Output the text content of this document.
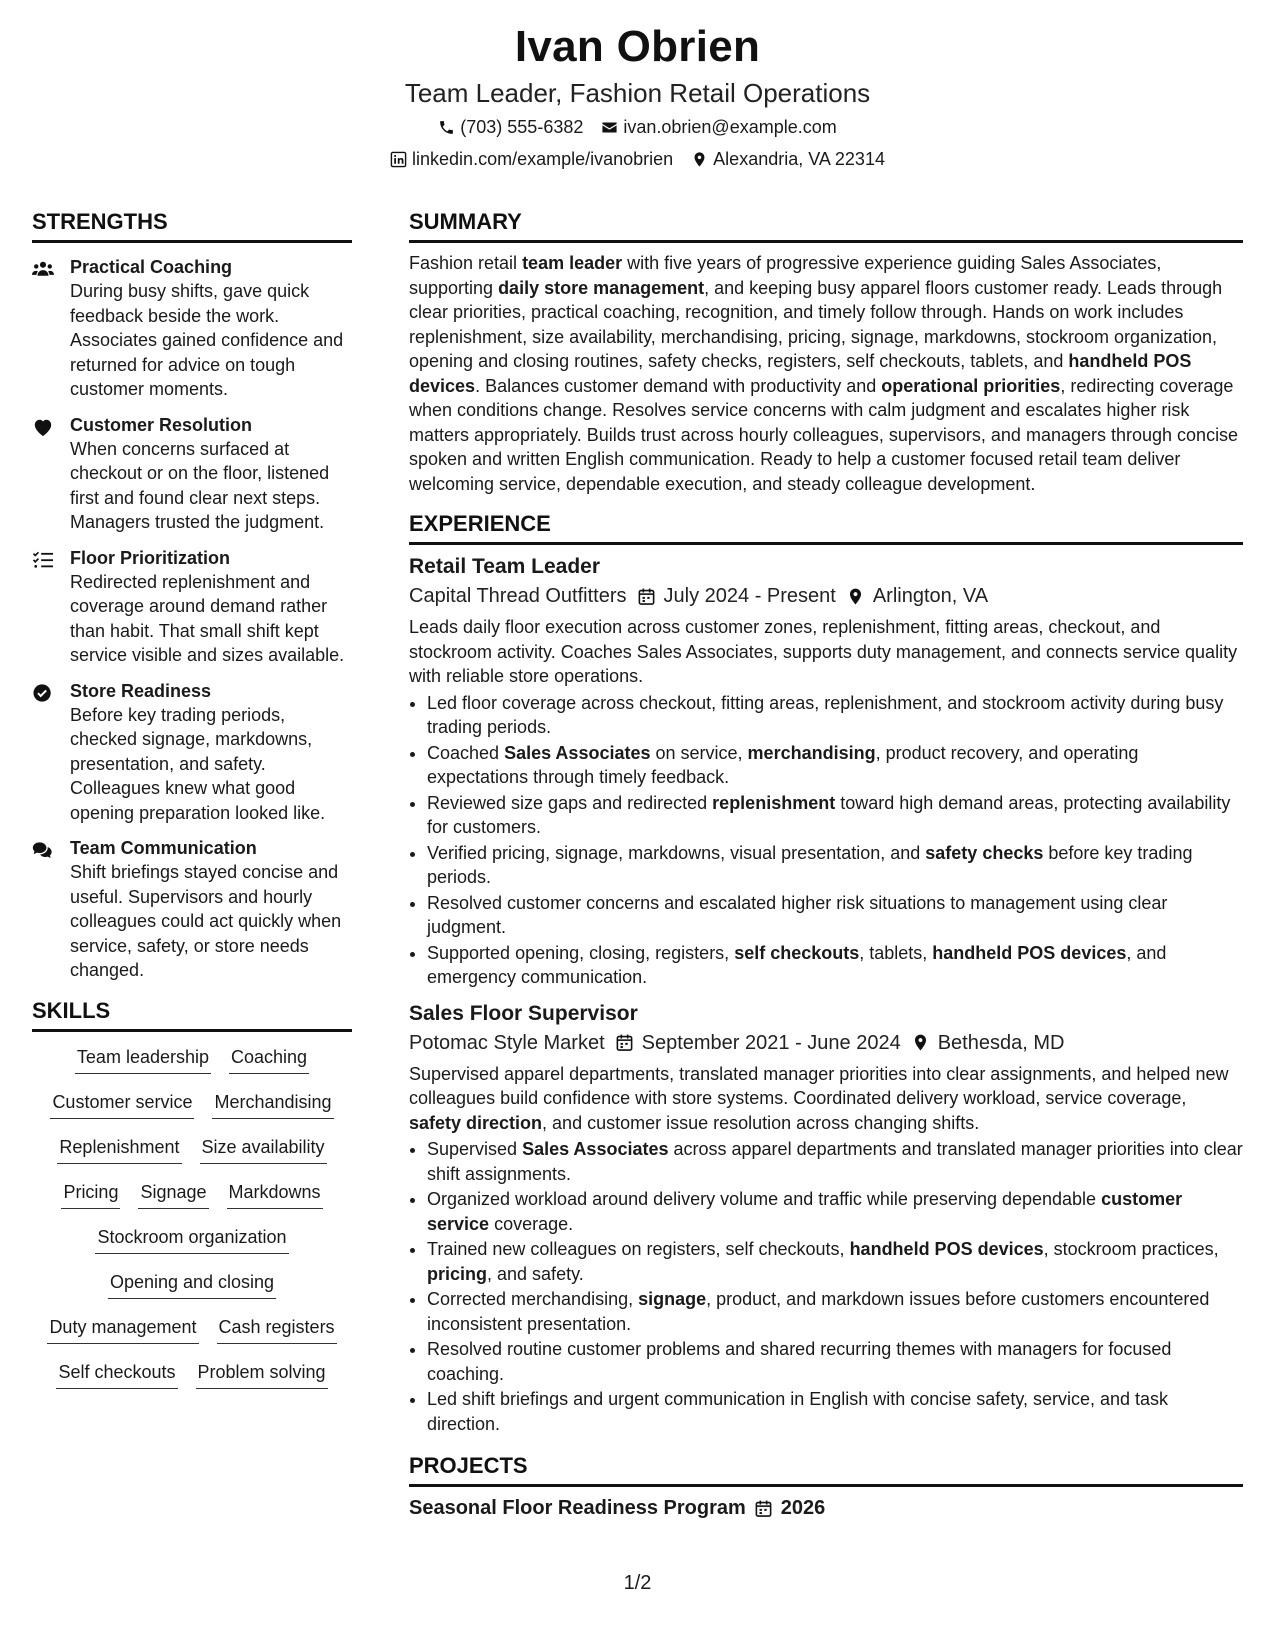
Ivan Obrien
Team Leader, Fashion Retail Operations
(703) 555-6382 ivan.obrien@example.com
linkedin.com/example/ivanobrien Alexandria, VA 22314
STRENGTHS
Practical Coaching
During busy shifts, gave quick feedback beside the work. Associates gained confidence and returned for advice on tough customer moments.
Customer Resolution
When concerns surfaced at checkout or on the floor, listened first and found clear next steps. Managers trusted the judgment.
Floor Prioritization
Redirected replenishment and coverage around demand rather than habit. That small shift kept service visible and sizes available.
Store Readiness
Before key trading periods, checked signage, markdowns, presentation, and safety. Colleagues knew what good opening preparation looked like.
Team Communication
Shift briefings stayed concise and useful. Supervisors and hourly colleagues could act quickly when service, safety, or store needs changed.
SKILLS
Team leadership Coaching
Customer service Merchandising
Replenishment Size availability
Pricing Signage Markdowns
Stockroom organization
Opening and closing
Duty management Cash registers
Self checkouts Problem solving
SUMMARY
Fashion retail team leader with five years of progressive experience guiding Sales Associates, supporting daily store management, and keeping busy apparel floors customer ready. Leads through clear priorities, practical coaching, recognition, and timely follow through. Hands on work includes replenishment, size availability, merchandising, pricing, signage, markdowns, stockroom organization, opening and closing routines, safety checks, registers, self checkouts, tablets, and handheld POS devices. Balances customer demand with productivity and operational priorities, redirecting coverage when conditions change. Resolves service concerns with calm judgment and escalates higher risk matters appropriately. Builds trust across hourly colleagues, supervisors, and managers through concise spoken and written English communication. Ready to help a customer focused retail team deliver welcoming service, dependable execution, and steady colleague development.
EXPERIENCE
Retail Team Leader
Capital Thread Outfitters July 2024 - Present Arlington, VA
Leads daily floor execution across customer zones, replenishment, fitting areas, checkout, and stockroom activity. Coaches Sales Associates, supports duty management, and connects service quality with reliable store operations.
• Led floor coverage across checkout, fitting areas, replenishment, and stockroom activity during busy trading periods.
• Coached Sales Associates on service, merchandising, product recovery, and operating expectations through timely feedback.
• Reviewed size gaps and redirected replenishment toward high demand areas, protecting availability for customers.
• Verified pricing, signage, markdowns, visual presentation, and safety checks before key trading periods.
• Resolved customer concerns and escalated higher risk situations to management using clear judgment.
• Supported opening, closing, registers, self checkouts, tablets, handheld POS devices, and emergency communication.
Sales Floor Supervisor
Potomac Style Market September 2021 - June 2024 Bethesda, MD
Supervised apparel departments, translated manager priorities into clear assignments, and helped new colleagues build confidence with store systems. Coordinated delivery workload, service coverage, safety direction, and customer issue resolution across changing shifts.
• Supervised Sales Associates across apparel departments and translated manager priorities into clear shift assignments.
• Organized workload around delivery volume and traffic while preserving dependable customer service coverage.
• Trained new colleagues on registers, self checkouts, handheld POS devices, stockroom practices, pricing, and safety.
• Corrected merchandising, signage, product, and markdown issues before customers encountered inconsistent presentation.
• Resolved routine customer problems and shared recurring themes with managers for focused coaching.
• Led shift briefings and urgent communication in English with concise safety, service, and task direction.
PROJECTS
Seasonal Floor Readiness Program 2026
1/2
